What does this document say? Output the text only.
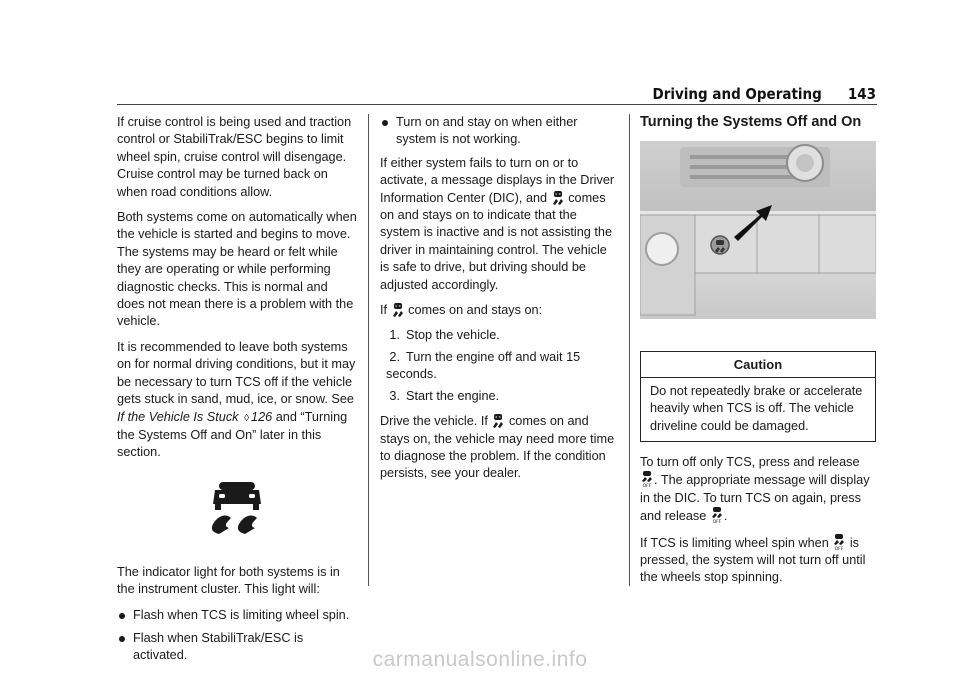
Driving and Operating 143

If cruise control is being used and traction control or StabiliTrak/ESC begins to limit wheel spin, cruise control will disengage. Cruise control may be turned back on when road conditions allow.

Both systems come on automatically when the vehicle is started and begins to move. The systems may be heard or felt while they are operating or while performing diagnostic checks. This is normal and does not mean there is a problem with the vehicle.

It is recommended to leave both systems on for normal driving conditions, but it may be necessary to turn TCS off if the vehicle gets stuck in sand, mud, ice, or snow. See If the Vehicle Is Stuck ◊ 126 and “Turning the Systems Off and On” later in this section.

The indicator light for both systems is in the instrument cluster. This light will:

Flash when TCS is limiting wheel spin.
Flash when StabiliTrak/ESC is activated.
Turn on and stay on when either system is not working.

If either system fails to turn on or to activate, a message displays in the Driver Information Center (DIC), and comes on and stays on to indicate that the system is inactive and is not assisting the driver in maintaining control. The vehicle is safe to drive, but driving should be adjusted accordingly.

If comes on and stays on:

1. Stop the vehicle.
2. Turn the engine off and wait 15 seconds.
3. Start the engine.

Drive the vehicle. If comes on and stays on, the vehicle may need more time to diagnose the problem. If the condition persists, see your dealer.

Turning the Systems Off and On
Caution
Do not repeatedly brake or accelerate heavily when TCS is off. The vehicle driveline could be damaged.

To turn off only TCS, press and release
OFF . The appropriate message will display in the DIC. To turn TCS on again, press and release OFF .

If TCS is limiting wheel spin when OFF is pressed, the system will not turn off until the wheels stop spinning.

carmanualsonline.info
